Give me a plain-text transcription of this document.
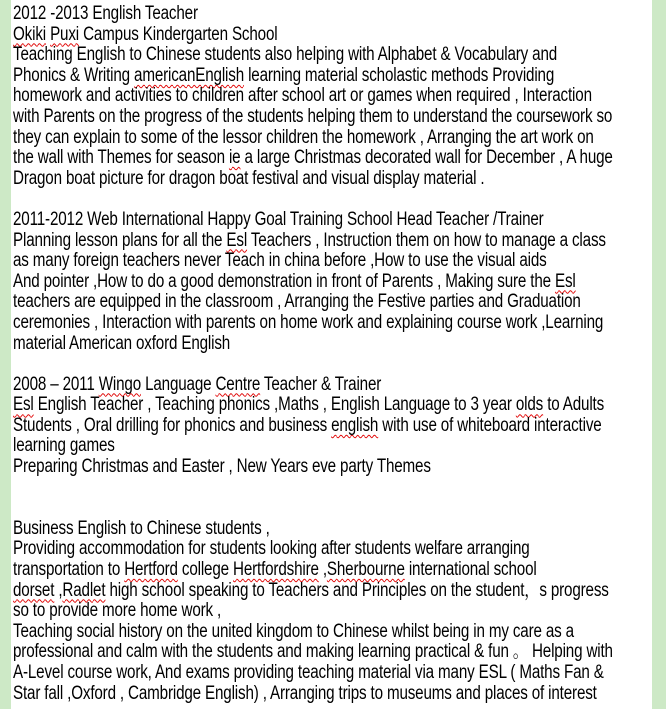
2012 -2013 English Teacher
Okiki Puxi Campus Kindergarten School
Teaching English to Chinese students also helping with Alphabet & Vocabulary and
Phonics & Writing americanEnglish learning material scholastic methods Providing
homework and activities to children after school art or games when required , Interaction
with Parents on the progress of the students helping them to understand the coursework so
they can explain to some of the lessor children the homework , Arranging the art work on
the wall with Themes for season ie a large Christmas decorated wall for December , A huge
Dragon boat picture for dragon boat festival and visual display material .

2011-2012 Web International Happy Goal Training School Head Teacher /Trainer
Planning lesson plans for all the Esl Teachers , Instruction them on how to manage a class
as many foreign teachers never Teach in china before ,How to use the visual aids
And pointer ,How to do a good demonstration in front of Parents , Making sure the Esl
teachers are equipped in the classroom , Arranging the Festive parties and Graduation
ceremonies , Interaction with parents on home work and explaining course work ,Learning
material American oxford English

2008 – 2011 Wingo Language Centre Teacher & Trainer
Esl English Teacher , Teaching phonics ,Maths , English Language to 3 year olds to Adults
Students , Oral drilling for phonics and business english with use of whiteboard interactive
learning games
Preparing Christmas and Easter , New Years eve party Themes

Business English to Chinese students ,
Providing accommodation for students looking after students welfare arranging
transportation to Hertford college Hertfordshire ,Sherbourne international school
dorset ,Radlet high school speaking to Teachers and Principles on the student，s progress
so to provide more home work ,
Teaching social history on the united kingdom to Chinese whilst being in my care as a
professional and calm with the students and making learning practical & fun 。 Helping with
A-Level course work, And exams providing teaching material via many ESL ( Maths Fan &
Star fall ,Oxford , Cambridge English) , Arranging trips to museums and places of interest
